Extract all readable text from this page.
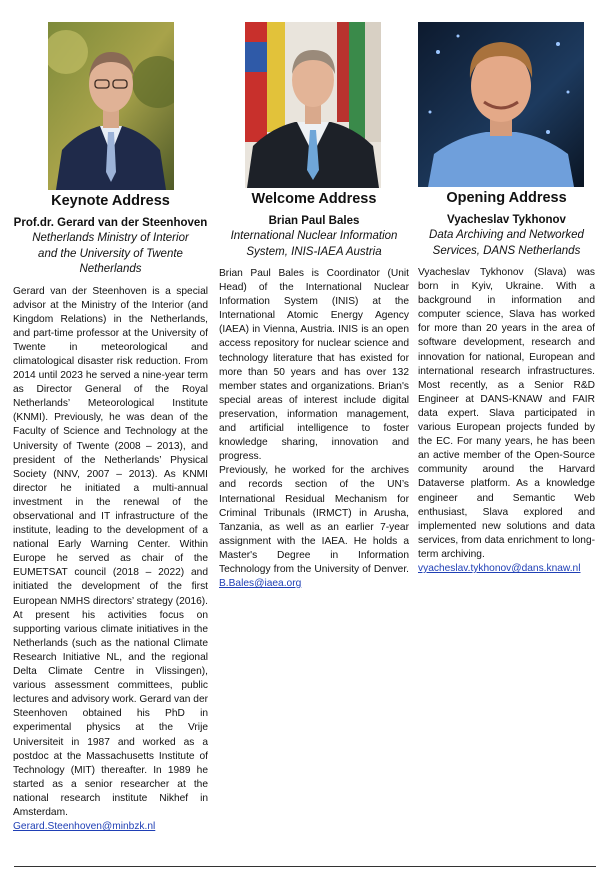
Keynote Address
Prof.dr. Gerard van der Steenhoven
Netherlands Ministry of Interior and the University of Twente Netherlands

Gerard van der Steenhoven is a special advisor at the Ministry of the Interior (and Kingdom Relations) in the Netherlands, and part-time professor at the University of Twente in meteorological and climatological disaster risk reduction. From 2014 until 2023 he served a nine-year term as Director General of the Royal Netherlands’ Meteorological Institute (KNMI). Previously, he was dean of the Faculty of Science and Technology at the University of Twente (2008 – 2013), and president of the Netherlands’ Physical Society (NNV, 2007 – 2013). As KNMI director he initiated a multi-annual investment in the renewal of the observational and IT infrastructure of the institute, leading to the development of a national Early Warning Center. Within Europe he served as chair of the EUMETSAT council (2018 – 2022) and initiated the development of the first European NMHS directors’ strategy (2016). At present his activities focus on supporting various climate initiatives in the Netherlands (such as the national Climate Research Initiative NL, and the regional Delta Climate Centre in Vlissingen), various assessment committees, public lectures and advisory work. Gerard van der Steenhoven obtained his PhD in experimental physics at the Vrije Universiteit in 1987 and worked as a postdoc at the Massachusetts Institute of Technology (MIT) thereafter. In 1989 he started as a senior researcher at the national research institute Nikhef in Amsterdam.

Gerard.Steenhoven@minbzk.nl
Welcome Address
Brian Paul Bales
International Nuclear Information System, INIS-IAEA Austria

Brian Paul Bales is Coordinator (Unit Head) of the International Nuclear Information System (INIS) at the International Atomic Energy Agency (IAEA) in Vienna, Austria. INIS is an open access repository for nuclear science and technology literature that has existed for more than 50 years and has over 132 member states and organizations. Brian's special areas of interest include digital preservation, information management, and artificial intelligence to foster knowledge sharing, innovation and progress.

Previously, he worked for the archives and records section of the UN’s International Residual Mechanism for Criminal Tribunals (IRMCT) in Arusha, Tanzania, as well as an earlier 7-year assignment with the IAEA. He holds a Master's Degree in Information Technology from the University of Denver. B.Bales@iaea.org

Opening Address
Vyacheslav Tykhonov
Data Archiving and Networked Services, DANS Netherlands

Vyacheslav Tykhonov (Slava) was born in Kyiv, Ukraine. With a background in information and computer science, Slava has worked for more than 20 years in the area of software development, research and innovation for national, European and international research infrastructures. Most recently, as a Senior R&D Engineer at DANS-KNAW and FAIR data expert. Slava participated in various European projects funded by the EC. For many years, he has been an active member of the Open-Source community around the Harvard Dataverse platform. As a knowledge engineer and Semantic Web enthusiast, Slava explored and implemented new solutions and data services, from data enrichment to long-term archiving.

vyacheslav.tykhonov@dans.knaw.nl
